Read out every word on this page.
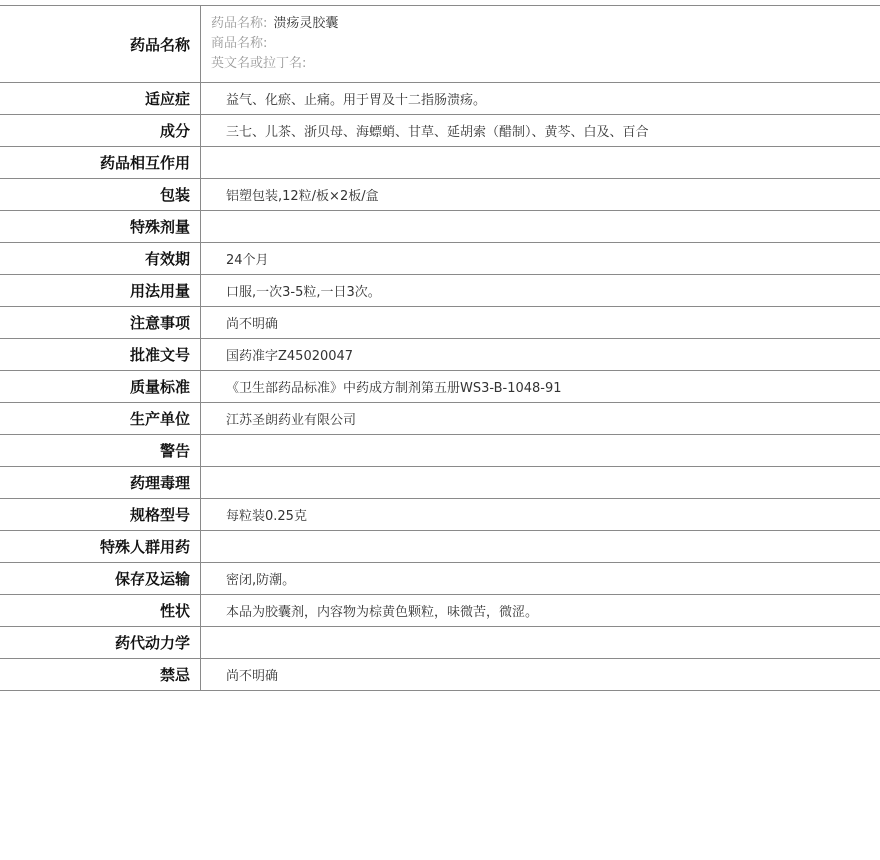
药品名称	药品名称: 溃疡灵胶囊
商品名称:
英文名或拉丁名:

适应症	益气、化瘀、止痛。用于胃及十二指肠溃疡。
成分	三七、儿茶、浙贝母、海螵蛸、甘草、延胡索（醋制）、黄芩、白及、百合
药品相互作用	
包装	铝塑包装,12粒/板×2板/盒
特殊剂量	
有效期	24个月
用法用量	口服,一次3-5粒,一日3次。
注意事项	尚不明确
批准文号	国药准字Z45020047
质量标准	《卫生部药品标准》中药成方制剂第五册WS3-B-1048-91
生产单位	江苏圣朗药业有限公司
警告	
药理毒理	
规格型号	每粒装0.25克
特殊人群用药	
保存及运输	密闭,防潮。
性状	本品为胶囊剂，内容物为棕黄色颗粒，味微苦，微涩。
药代动力学	
禁忌	尚不明确
